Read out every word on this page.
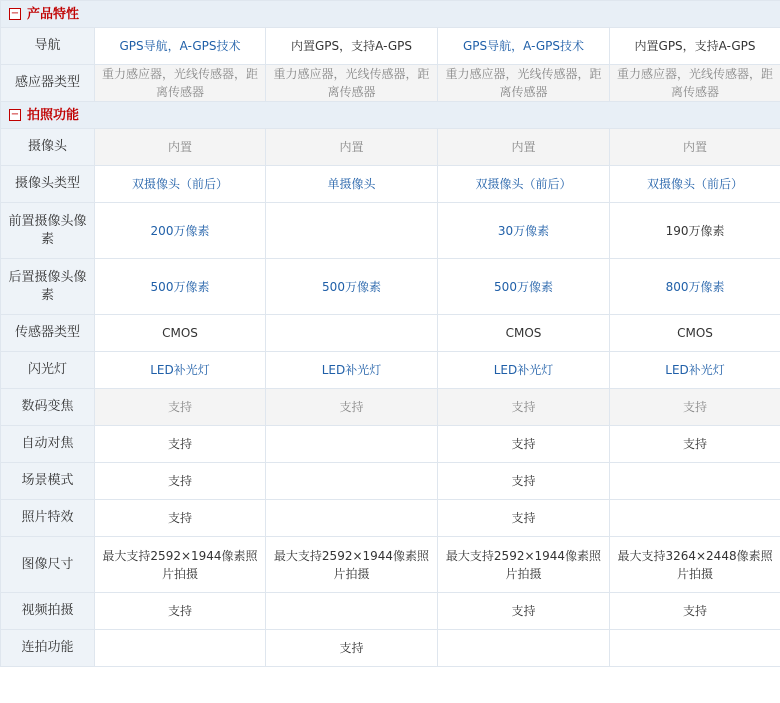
− 产品特性				
导航	GPS导航，A-GPS技术	内置GPS，支持A-GPS	GPS导航，A-GPS技术	内置GPS，支持A-GPS
感应器类型	重力感应器，光线传感器，距离传感器	重力感应器，光线传感器，距离传感器	重力感应器，光线传感器，距离传感器	重力感应器，光线传感器，距离传感器
− 拍照功能				
摄像头	内置	内置	内置	内置
摄像头类型	双摄像头（前后）	单摄像头	双摄像头（前后）	双摄像头（前后）
前置摄像头像素	200万像素		30万像素	190万像素
后置摄像头像素	500万像素	500万像素	500万像素	800万像素
传感器类型	CMOS		CMOS	CMOS
闪光灯	LED补光灯	LED补光灯	LED补光灯	LED补光灯
数码变焦	支持	支持	支持	支持
自动对焦	支持		支持	支持
场景模式	支持		支持	
照片特效	支持		支持	
图像尺寸	最大支持2592×1944像素照片拍摄	最大支持2592×1944像素照片拍摄	最大支持2592×1944像素照片拍摄	最大支持3264×2448像素照片拍摄
视频拍摄	支持		支持	支持
连拍功能		支持		
